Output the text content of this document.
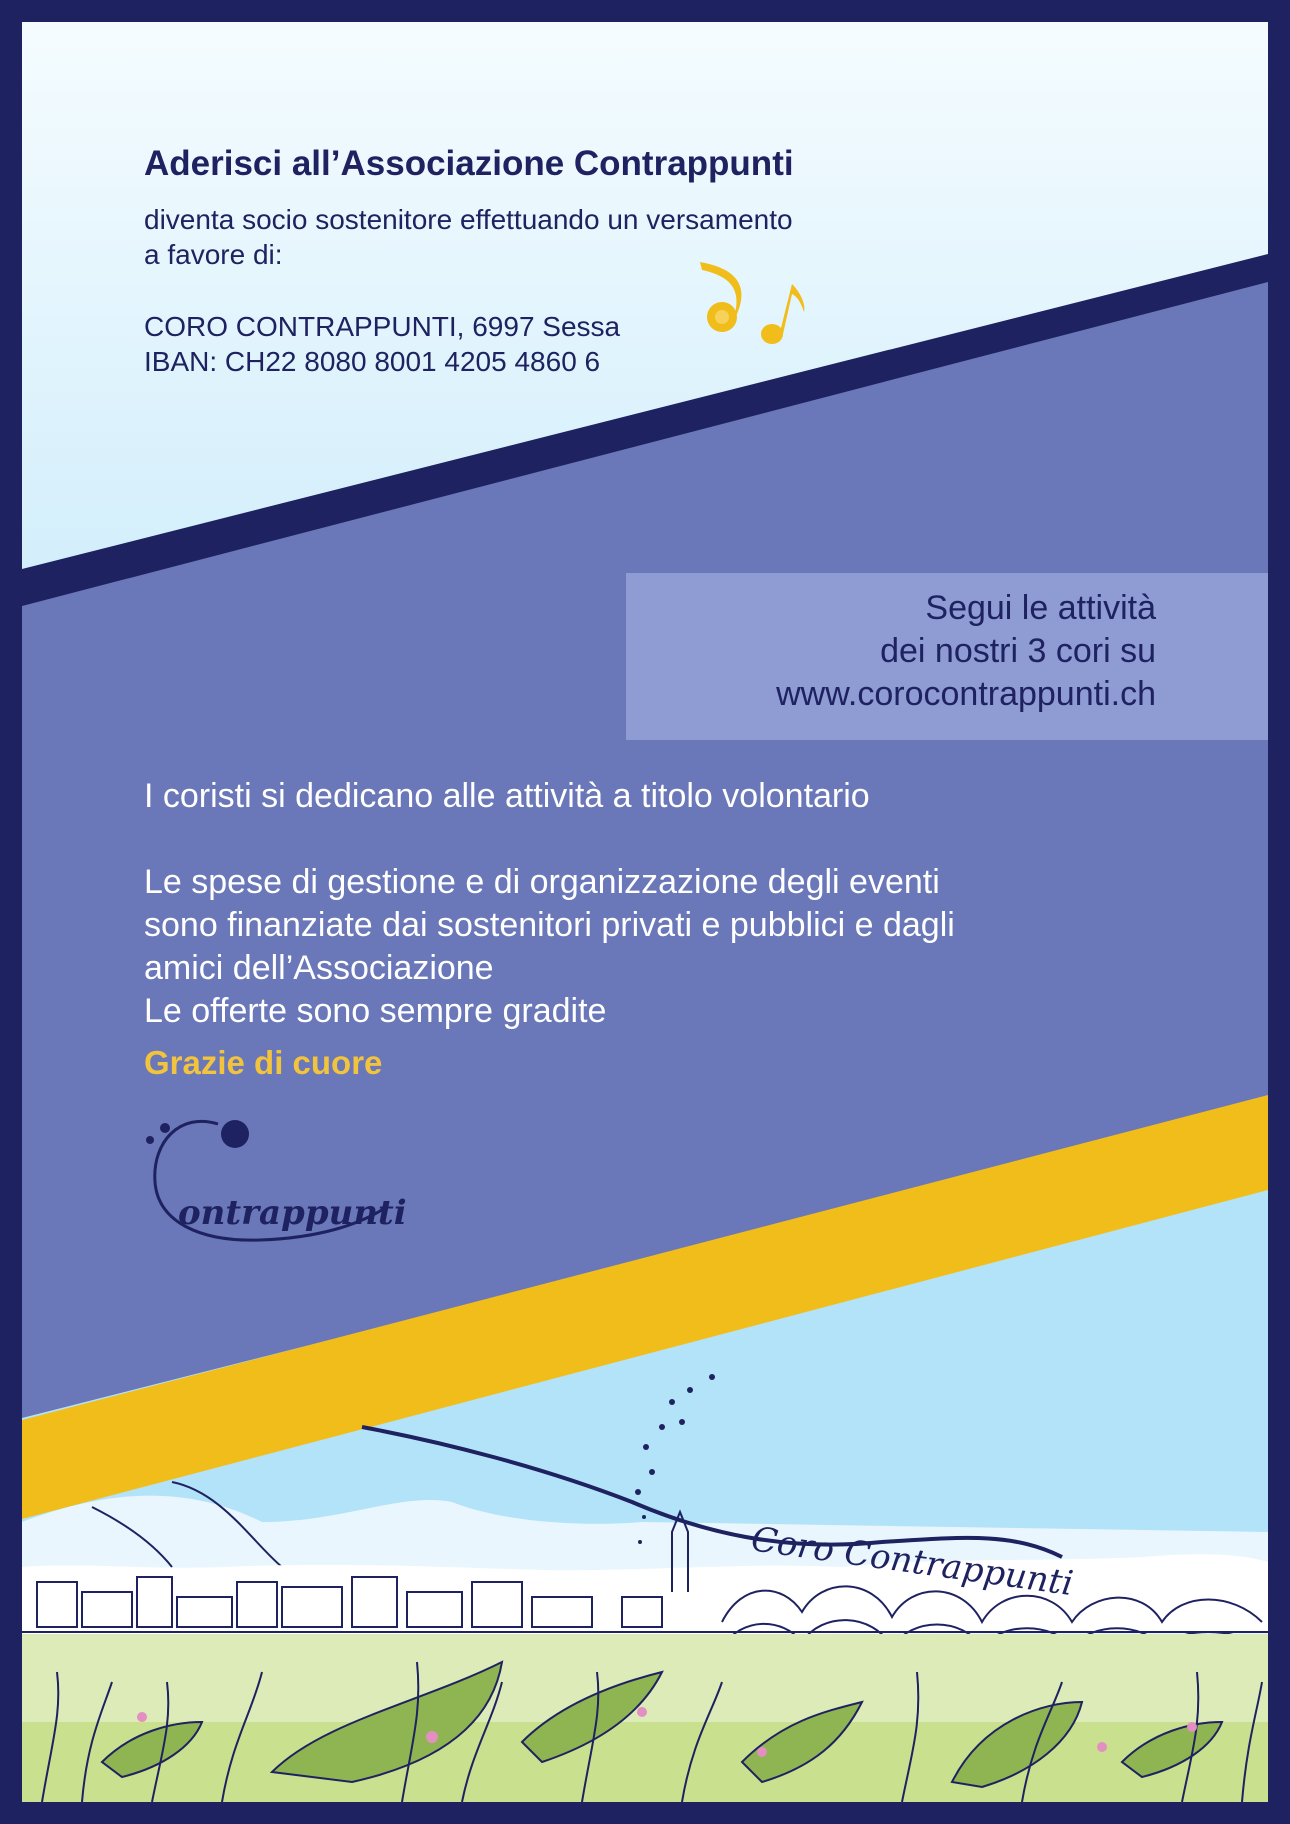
Coro Contrappunti
Aderisci all’Associazione Contrappunti
diventa socio sostenitore effettuando un versamento
a favore di:
CORO CONTRAPPUNTI, 6997 Sessa
IBAN: CH22 8080 8001 4205 4860 6
Segui le attività
dei nostri 3 cori su
www.corocontrappunti.ch
I coristi si dedicano alle attività a titolo volontario
Le spese di gestione e di organizzazione degli eventi
sono finanziate dai sostenitori privati e pubblici e dagli
amici dell’Associazione
Le offerte sono sempre gradite
Grazie di cuore
ontrappunti
